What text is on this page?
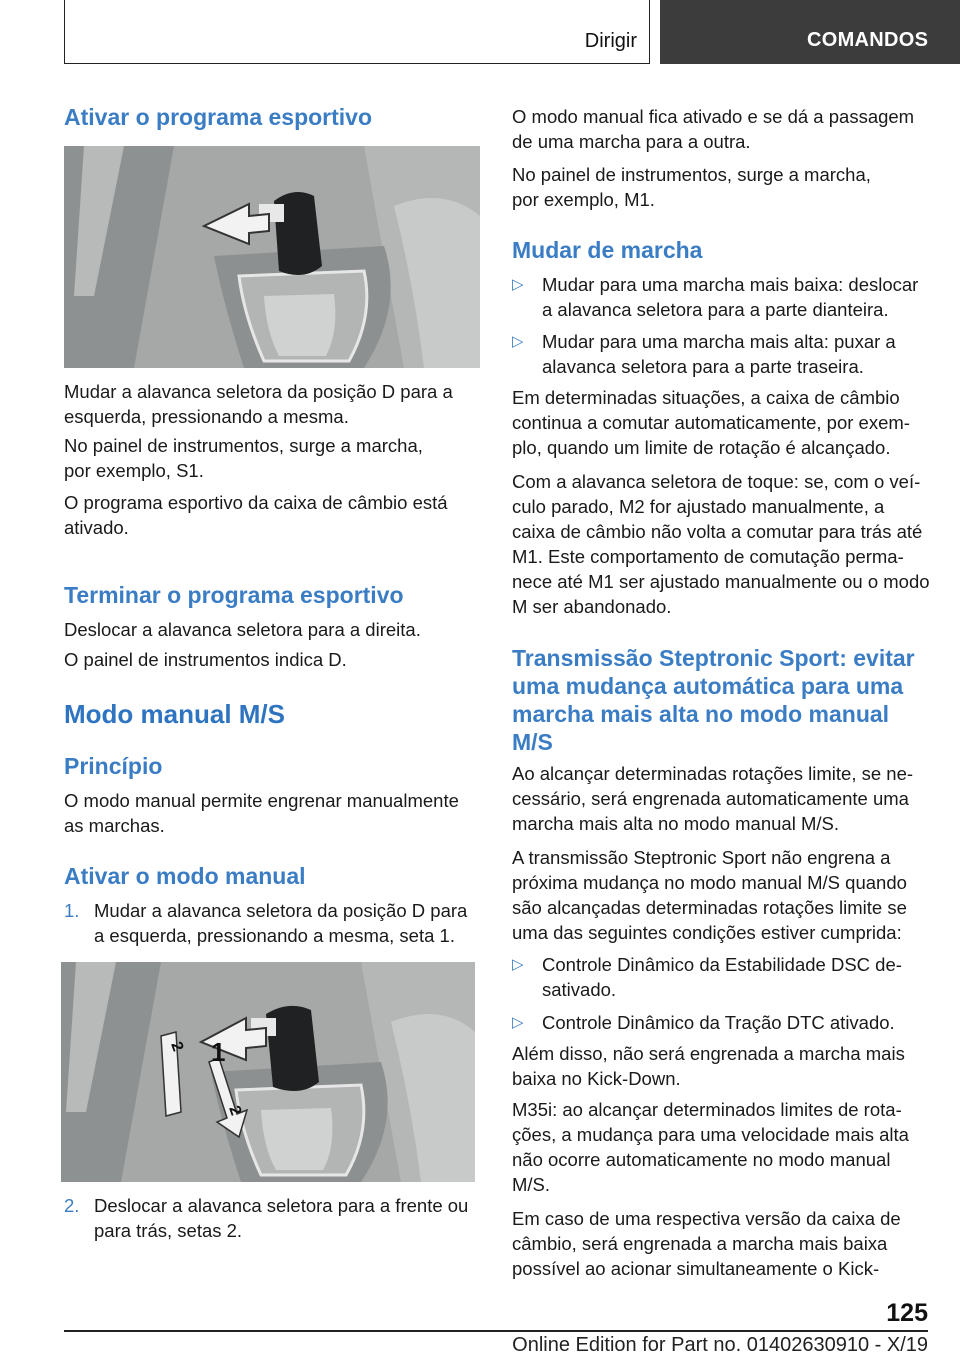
Dirigir	COMANDOS
Ativar o programa esportivo
Mudar a alavanca seletora da posição D para a esquerda, pressionando a mesma.
No painel de instrumentos, surge a marcha, por exemplo, S1.
O programa esportivo da caixa de câmbio está ativado.
Terminar o programa esportivo
Deslocar a alavanca seletora para a direita.
O painel de instrumentos indica D.
Modo manual M/S
Princípio
O modo manual permite engrenar manualmente as marchas.
Ativar o modo manual
1. Mudar a alavanca seletora da posição D para a esquerda, pressionando a mesma, seta 1.
1
2
2
2. Deslocar a alavanca seletora para a frente ou para trás, setas 2.
O modo manual fica ativado e se dá a passagem de uma marcha para a outra.
No painel de instrumentos, surge a marcha, por exemplo, M1.
Mudar de marcha
▷ Mudar para uma marcha mais baixa: deslocar a alavanca seletora para a parte dianteira.
▷ Mudar para uma marcha mais alta: puxar a alavanca seletora para a parte traseira.
Em determinadas situações, a caixa de câmbio continua a comutar automaticamente, por exemplo, quando um limite de rotação é alcançado.
Com a alavanca seletora de toque: se, com o veículo parado, M2 for ajustado manualmente, a caixa de câmbio não volta a comutar para trás até M1. Este comportamento de comutação permanece até M1 ser ajustado manualmente ou o modo M ser abandonado.
Transmissão Steptronic Sport: evitar uma mudança automática para uma marcha mais alta no modo manual M/S
Ao alcançar determinadas rotações limite, se necessário, será engrenada automaticamente uma marcha mais alta no modo manual M/S.
A transmissão Steptronic Sport não engrena a próxima mudança no modo manual M/S quando são alcançadas determinadas rotações limite se uma das seguintes condições estiver cumprida:
▷ Controle Dinâmico da Estabilidade DSC desativado.
▷ Controle Dinâmico da Tração DTC ativado.
Além disso, não será engrenada a marcha mais baixa no Kick-Down.
M35i: ao alcançar determinados limites de rotações, a mudança para uma velocidade mais alta não ocorre automaticamente no modo manual M/S.
Em caso de uma respectiva versão da caixa de câmbio, será engrenada a marcha mais baixa possível ao acionar simultaneamente o Kick-
125
Online Edition for Part no. 01402630910 - X/19
